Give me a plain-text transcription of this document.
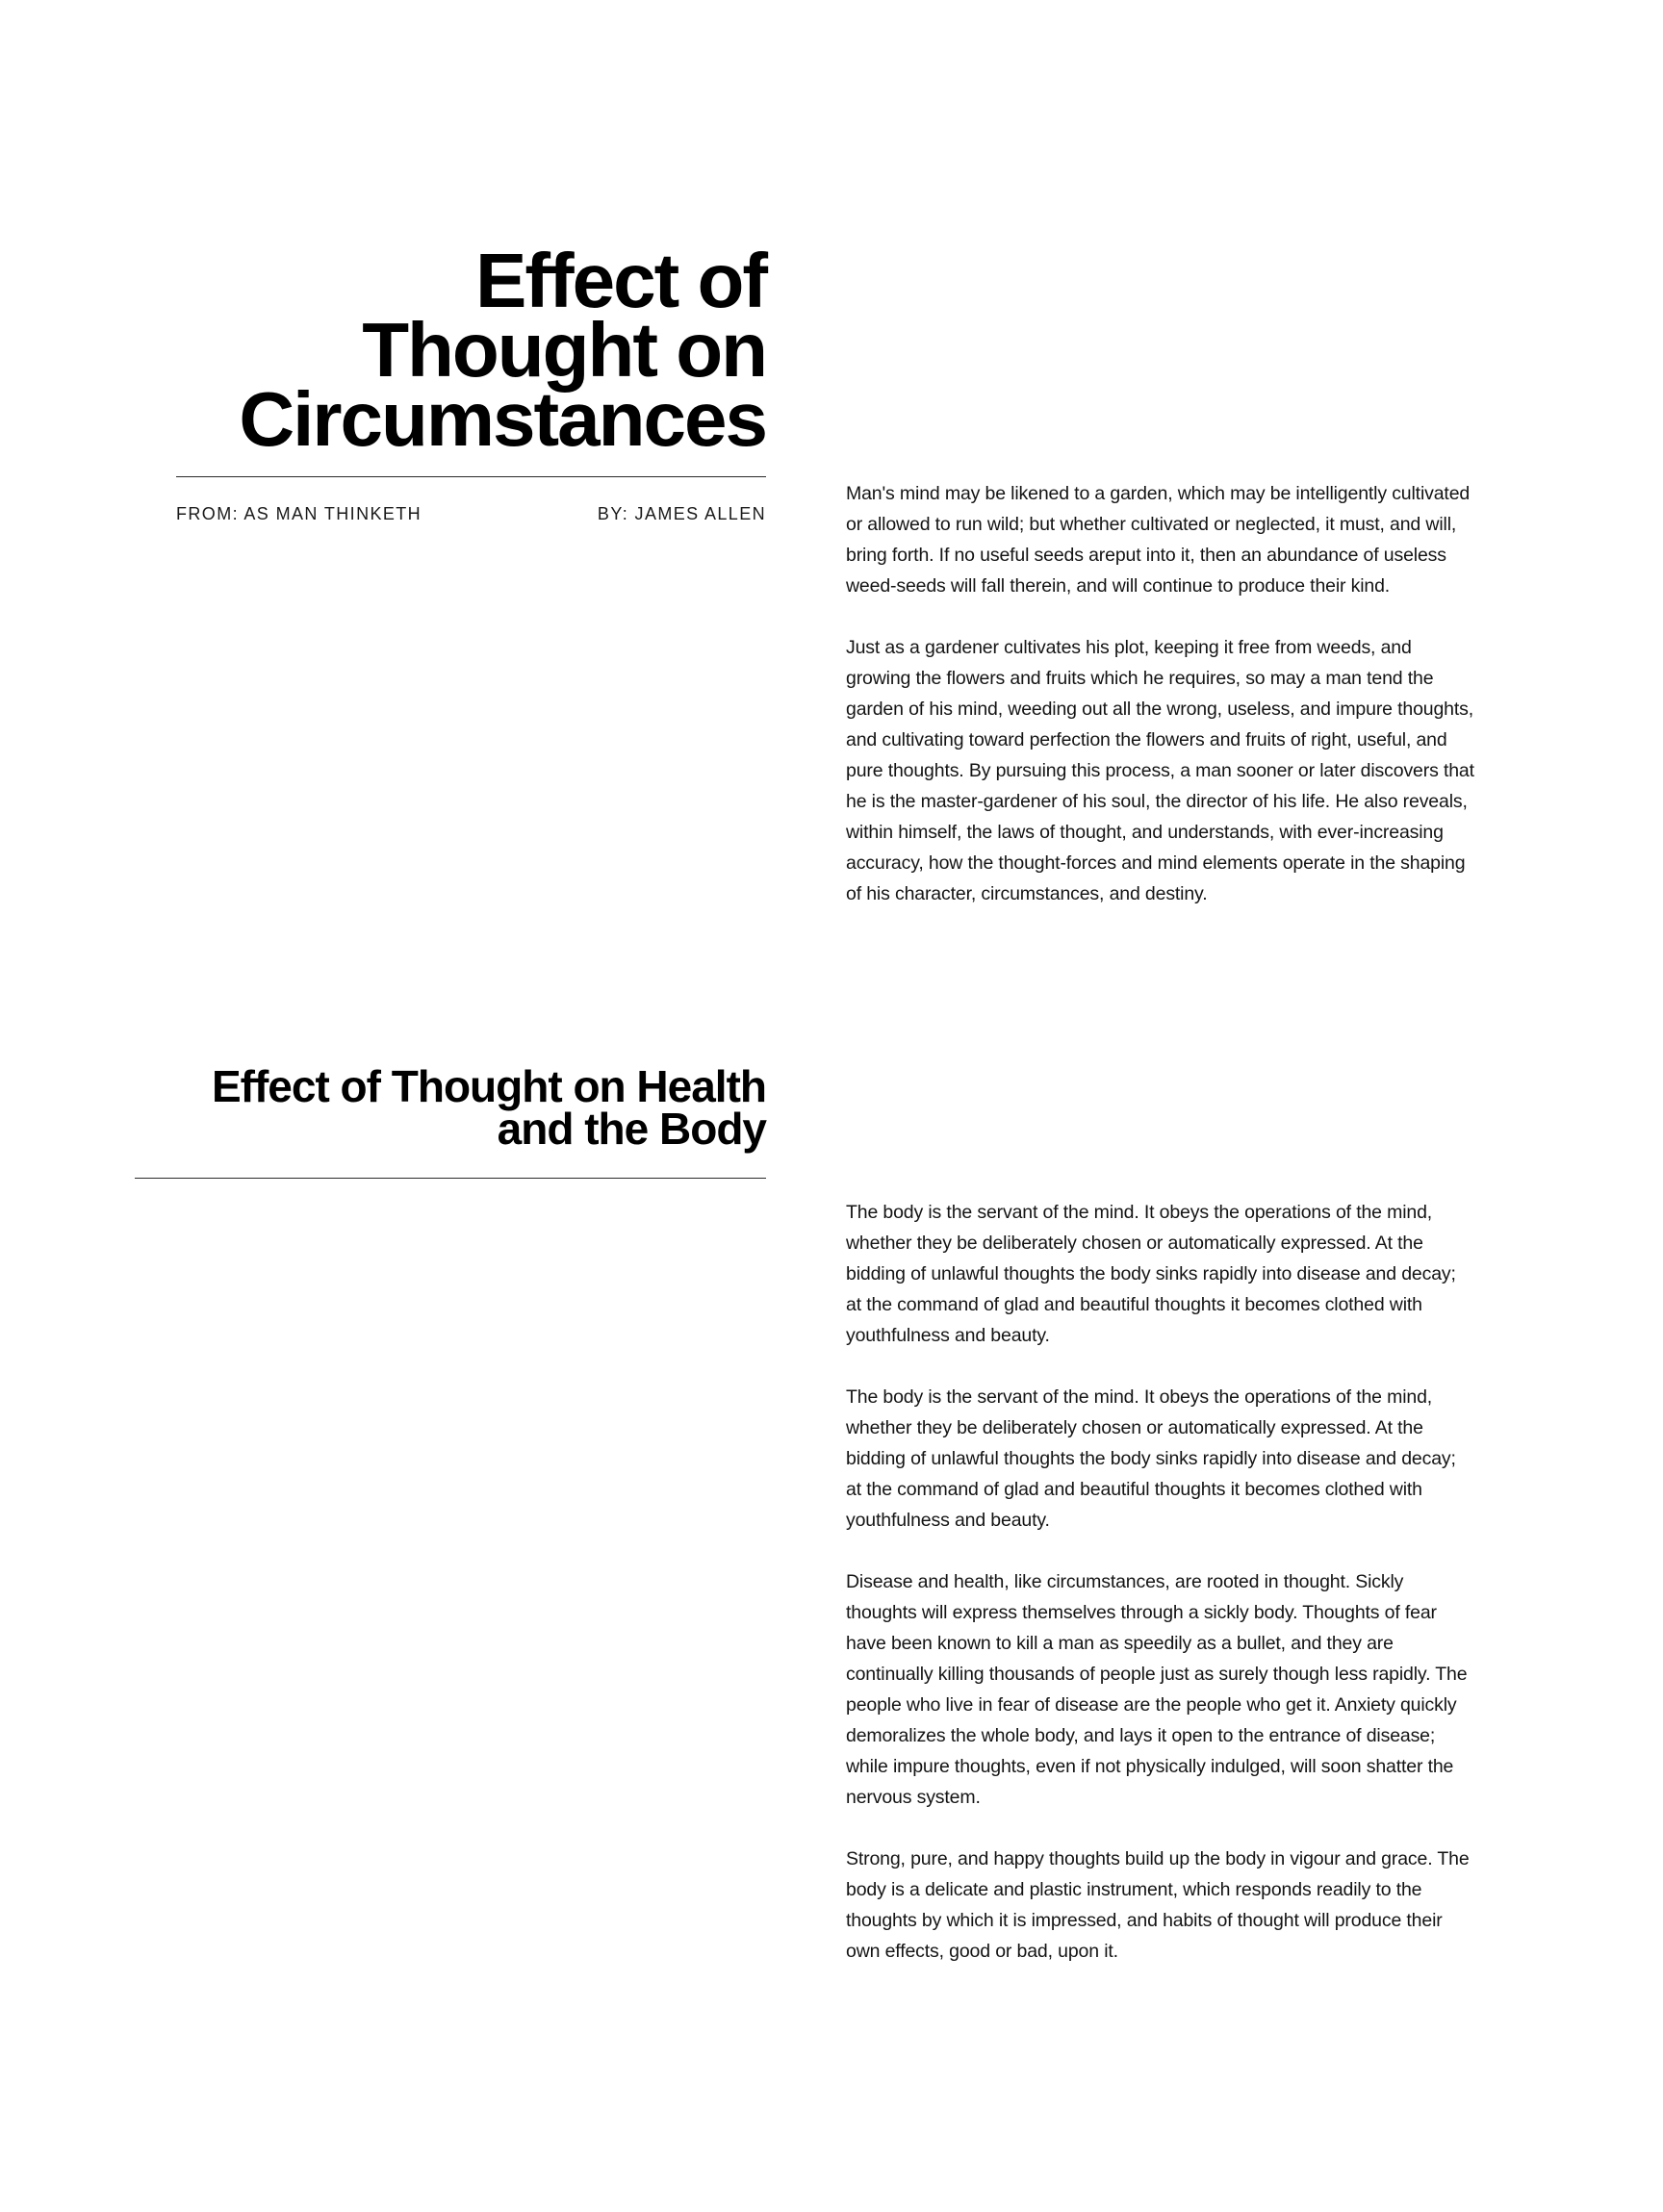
Effect of
Thought on
Circumstances
FROM: AS MAN THINKETH	BY: JAMES ALLEN

Man's mind may be likened to a garden, which may be intelligently cultivated
or allowed to run wild; but whether cultivated or neglected, it must, and will,
bring forth. If no useful seeds areput into it, then an abundance of useless
weed-seeds will fall therein, and will continue to produce their kind.

Just as a gardener cultivates his plot, keeping it free from weeds, and
growing the flowers and fruits which he requires, so may a man tend the
garden of his mind, weeding out all the wrong, useless, and impure thoughts,
and cultivating toward perfection the flowers and fruits of right, useful, and
pure thoughts. By pursuing this process, a man sooner or later discovers that
he is the master-gardener of his soul, the director of his life. He also reveals,
within himself, the laws of thought, and understands, with ever-increasing
accuracy, how the thought-forces and mind elements operate in the shaping
of his character, circumstances, and destiny.

Effect of Thought on Health
and the Body

The body is the servant of the mind. It obeys the operations of the mind,
whether they be deliberately chosen or automatically expressed. At the
bidding of unlawful thoughts the body sinks rapidly into disease and decay;
at the command of glad and beautiful thoughts it becomes clothed with
youthfulness and beauty.

The body is the servant of the mind. It obeys the operations of the mind,
whether they be deliberately chosen or automatically expressed. At the
bidding of unlawful thoughts the body sinks rapidly into disease and decay;
at the command of glad and beautiful thoughts it becomes clothed with
youthfulness and beauty.

Disease and health, like circumstances, are rooted in thought. Sickly
thoughts will express themselves through a sickly body. Thoughts of fear
have been known to kill a man as speedily as a bullet, and they are
continually killing thousands of people just as surely though less rapidly. The
people who live in fear of disease are the people who get it. Anxiety quickly
demoralizes the whole body, and lays it open to the entrance of disease;
while impure thoughts, even if not physically indulged, will soon shatter the
nervous system.

Strong, pure, and happy thoughts build up the body in vigour and grace. The
body is a delicate and plastic instrument, which responds readily to the
thoughts by which it is impressed, and habits of thought will produce their
own effects, good or bad, upon it.
